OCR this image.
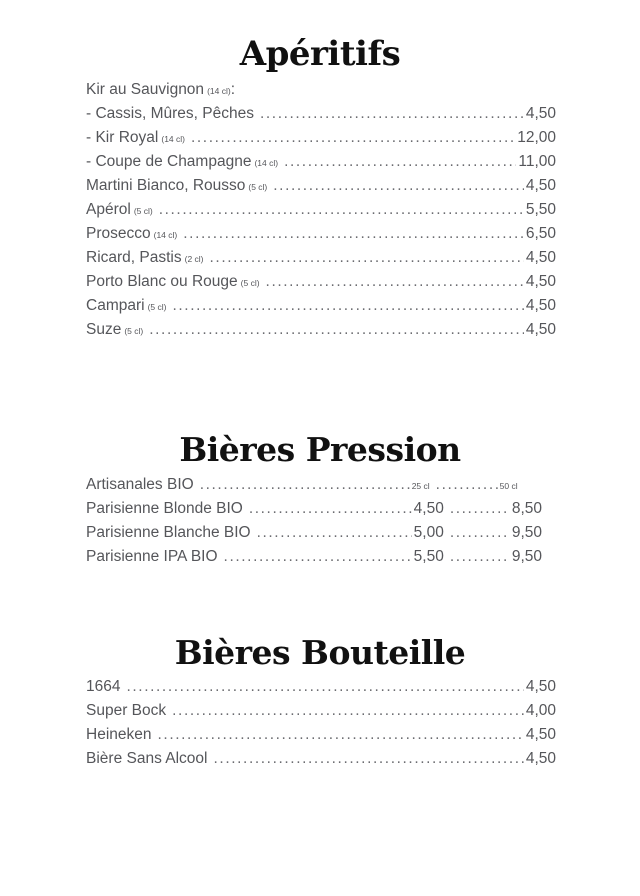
Apéritifs
Kir au Sauvignon (14 cl) :
- Cassis, Mûres, Pêches .....	4,50
- Kir Royal (14 cl) .....	12,00
- Coupe de Champagne (14 cl) .....	11,00
Martini Bianco, Rousso (5 cl) .....	4,50
Apérol (5 cl) .....	5,50
Prosecco (14 cl) .....	6,50
Ricard, Pastis (2 cl) .....	4,50
Porto Blanc ou Rouge (5 cl) .....	4,50
Campari (5 cl) .....	4,50
Suze (5 cl) .....	4,50
Bières Pression
Artisanales BIO .....	25 cl .....	50 cl
Parisienne Blonde BIO .....	4,50 .....	8,50
Parisienne Blanche BIO .....	5,00 .....	9,50
Parisienne IPA BIO .....	5,50 .....	9,50
Bières Bouteille
1664 .....	4,50
Super Bock .....	4,00
Heineken .....	4,50
Bière Sans Alcool .....	4,50
